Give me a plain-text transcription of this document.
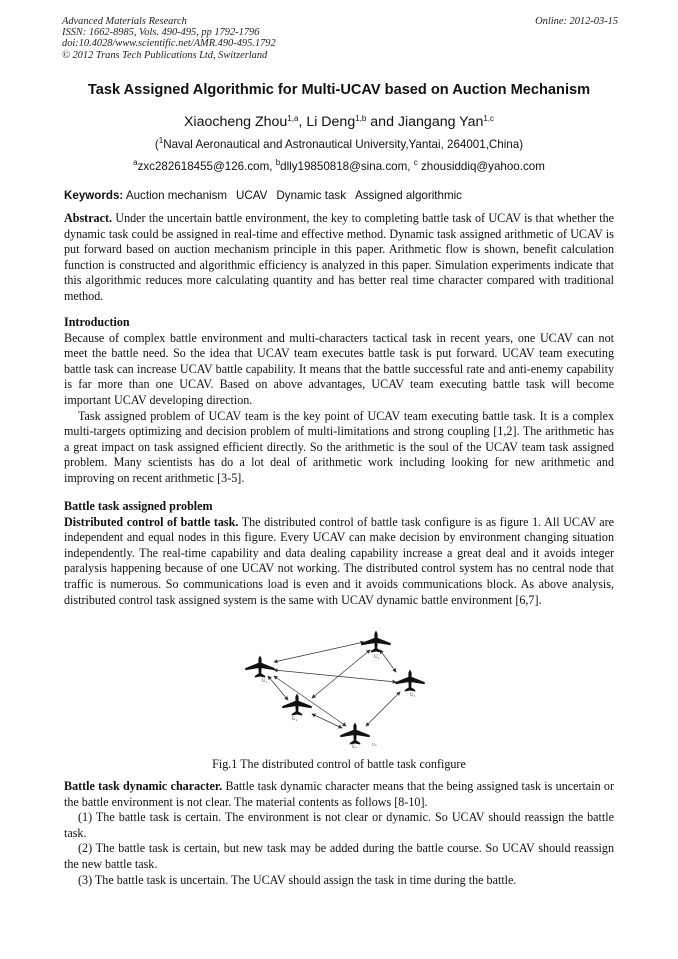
Advanced Materials Research
ISSN: 1662-8985, Vols. 490-495, pp 1792-1796
doi:10.4028/www.scientific.net/AMR.490-495.1792
© 2012 Trans Tech Publications Ltd, Switzerland
Online: 2012-03-15
Task Assigned Algorithmic for Multi-UCAV based on Auction Mechanism
Xiaocheng Zhou$^{1,a}$, Li Deng$^{1,b}$ and Jiangang Yan$^{1,c}$
($^1$Naval Aeronautical and Astronautical University,Yantai, 264001,China)
$^a$zxc282618455@126.com, $^b$dlly19850818@sina.com, $^c$ zhousiddiq@yahoo.com
Keywords: Auction mechanism UCAV Dynamic task Assigned algorithmic

Abstract. Under the uncertain battle environment, the key to completing battle task of UCAV is that whether the dynamic task could be assigned in real-time and effective method. Dynamic task assigned arithmetic of UCAV is put forward based on auction mechanism principle in this paper. Arithmetic flow is shown, benefit calculation function is constructed and algorithmic efficiency is analyzed in this paper. Simulation experiments indicate that this algorithmic reduces more calculating quantity and has better real time character compared with traditional method.

Introduction

Because of complex battle environment and multi-characters tactical task in recent years, one UCAV can not meet the battle need. So the idea that UCAV team executes battle task is put forward. UCAV team executing battle task can increase UCAV battle capability. It means that the battle successful rate and anti-enemy capability is far more than one UCAV. Based on above advantages, UCAV team executing battle task will become important UCAV developing direction.

Task assigned problem of UCAV team is the key point of UCAV team executing battle task. It is a complex multi-targets optimizing and decision problem of multi-limitations and strong coupling [1,2]. The arithmetic has a great impact on task assigned efficient directly. So the arithmetic is the soul of the UCAV team task assigned problem. Many scientists has do a lot deal of arithmetic work including looking for new arithmetic and improving on recent arithmetic [3-5].

Battle task assigned problem

Distributed control of battle task. The distributed control of battle task configure is as figure 1. All UCAV are independent and equal nodes in this figure. Every UCAV can make decision by environment changing situation independently. The real-time capability and data dealing capability increase a great deal and it avoids integer paralysis happening because of one UCAV not working. The distributed control system has no central node that traffic is numerous. So communications load is even and it avoids communications block. As above analysis, distributed control task assigned system is the same with UCAV dynamic battle environment [6,7].

U₁
U₂
U₃
U₄
U₅
Uₙ
Fig.1 The distributed control of battle task configure

Battle task dynamic character. Battle task dynamic character means that the being assigned task is uncertain or the battle environment is not clear. The material contents as follows [8-10].

(1) The battle task is certain. The environment is not clear or dynamic. So UCAV should reassign the battle task.

(2) The battle task is certain, but new task may be added during the battle course. So UCAV should reassign the new battle task.

(3) The battle task is uncertain. The UCAV should assign the task in time during the battle.
